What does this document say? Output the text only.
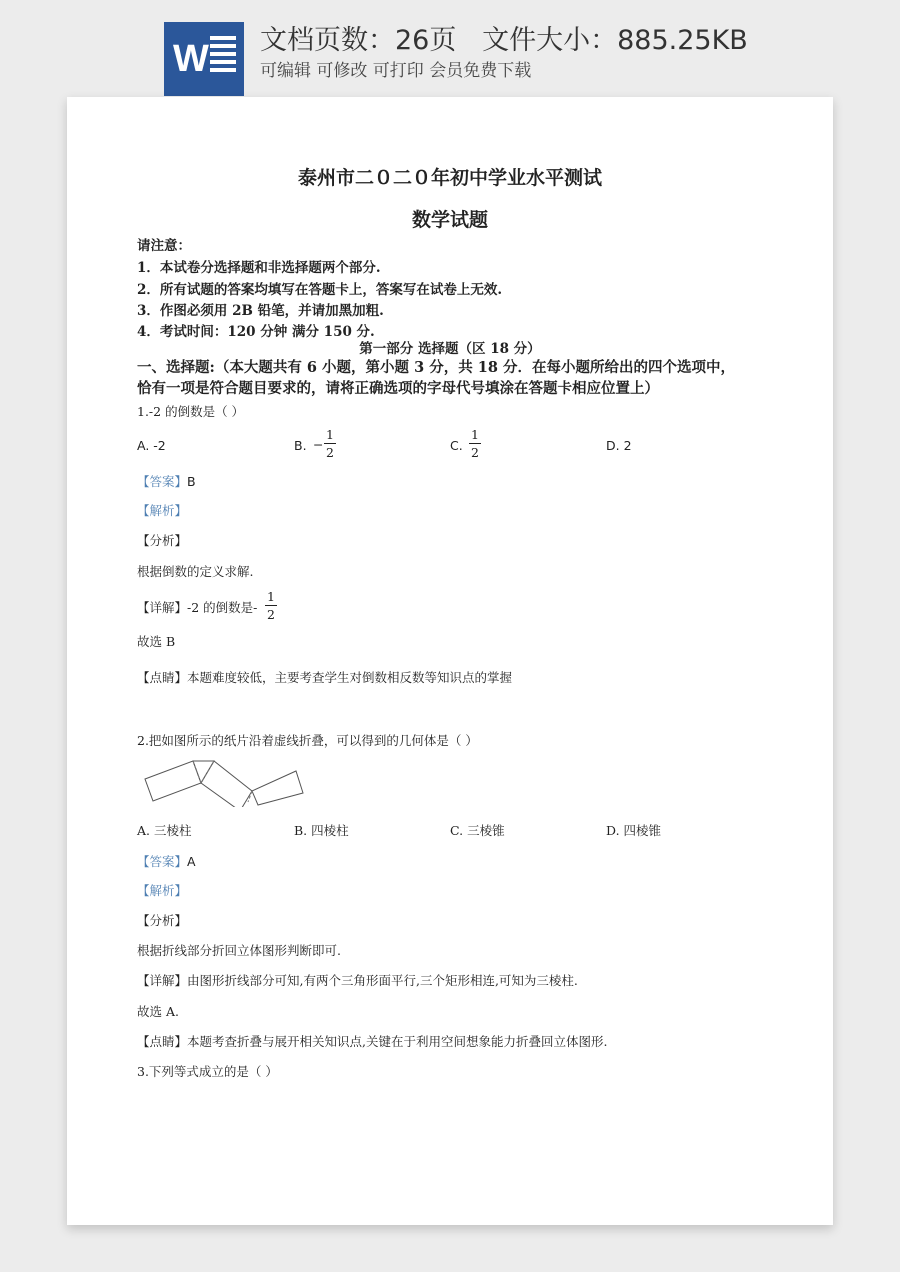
W 文档页数：26页   文件大小：885.25KB
可编辑 可修改 可打印 会员免费下载
泰州市二０二０年初中学业水平测试
数学试题
请注意：
1．本试卷分选择题和非选择题两个部分.
2．所有试题的答案均填写在答题卡上，答案写在试卷上无效.
3．作图必须用 2B 铅笔，并请加黑加粗.
4．考试时间：120 分钟 满分 150 分.
第一部分 选择题（区 18 分）
一、选择题:（本大题共有 6 小题，第小题 3 分，共 18 分．在每小题所给出的四个选项中，
恰有一项是符合题目要求的，请将正确选项的字母代号填涂在答题卡相应位置上）
1.-2 的倒数是（ ）
A. -2	B. −
1
2	C.
1
2	D. 2
【答案】B
【解析】
【分析】
根据倒数的定义求解.
【详解】-2 的倒数是-
1
2
故选 B
【点睛】本题难度较低，主要考查学生对倒数相反数等知识点的掌握
2.把如图所示的纸片沿着虚线折叠，可以得到的几何体是（ ）
A. 三棱柱	B. 四棱柱	C. 三棱锥	D. 四棱锥
【答案】A
【解析】
【分析】
根据折线部分折回立体图形判断即可.
【详解】由图形折线部分可知,有两个三角形面平行,三个矩形相连,可知为三棱柱.
故选 A.
【点睛】本题考查折叠与展开相关知识点,关键在于利用空间想象能力折叠回立体图形.
3.下列等式成立的是（ ）
